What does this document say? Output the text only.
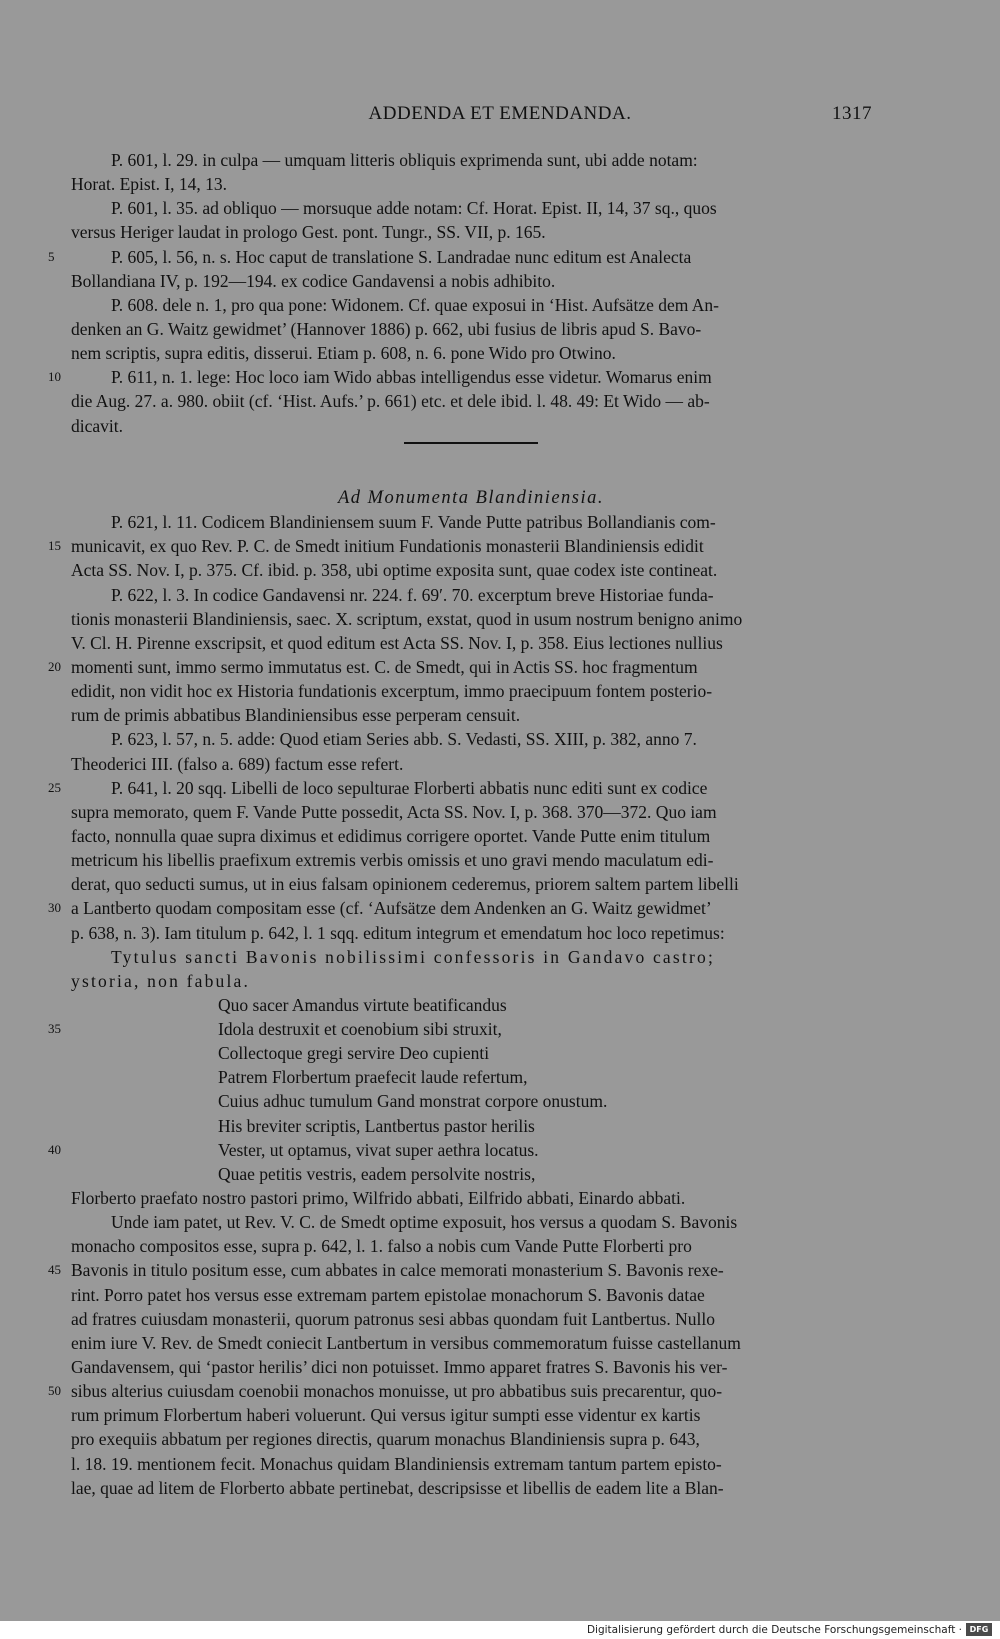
ADDENDA ET EMENDANDA.	1317
P. 601, l. 29. in culpa — umquam litteris obliquis exprimenda sunt, ubi adde notam:
Horat. Epist. I, 14, 13.
P. 601, l. 35. ad obliquo — morsuque adde notam: Cf. Horat. Epist. II, 14, 37 sq., quos
versus Heriger laudat in prologo Gest. pont. Tungr., SS. VII, p. 165.
5	P. 605, l. 56, n. s. Hoc caput de translatione S. Landradae nunc editum est Analecta
Bollandiana IV, p. 192—194. ex codice Gandavensi a nobis adhibito.
P. 608. dele n. 1, pro qua pone: Widonem. Cf. quae exposui in ‘Hist. Aufsätze dem An-
denken an G. Waitz gewidmet’ (Hannover 1886) p. 662, ubi fusius de libris apud S. Bavo-
nem scriptis, supra editis, disserui. Etiam p. 608, n. 6. pone Wido pro Otwino.
10	P. 611, n. 1. lege: Hoc loco iam Wido abbas intelligendus esse videtur. Womarus enim
die Aug. 27. a. 980. obiit (cf. ‘Hist. Aufs.’ p. 661) etc. et dele ibid. l. 48. 49: Et Wido — ab-
dicavit.
Ad Monumenta Blandiniensia.
P. 621, l. 11. Codicem Blandiniensem suum F. Vande Putte patribus Bollandianis com-
15 municavit, ex quo Rev. P. C. de Smedt initium Fundationis monasterii Blandiniensis edidit
Acta SS. Nov. I, p. 375. Cf. ibid. p. 358, ubi optime exposita sunt, quae codex iste contineat.
P. 622, l. 3. In codice Gandavensi nr. 224. f. 69′. 70. excerptum breve Historiae funda-
tionis monasterii Blandiniensis, saec. X. scriptum, exstat, quod in usum nostrum benigno animo
V. Cl. H. Pirenne exscripsit, et quod editum est Acta SS. Nov. I, p. 358. Eius lectiones nullius
20 momenti sunt, immo sermo immutatus est. C. de Smedt, qui in Actis SS. hoc fragmentum
edidit, non vidit hoc ex Historia fundationis excerptum, immo praecipuum fontem posterio-
rum de primis abbatibus Blandiniensibus esse perperam censuit.
P. 623, l. 57, n. 5. adde: Quod etiam Series abb. S. Vedasti, SS. XIII, p. 382, anno 7.
Theoderici III. (falso a. 689) factum esse refert.
25	P. 641, l. 20 sqq. Libelli de loco sepulturae Florberti abbatis nunc editi sunt ex codice
supra memorato, quem F. Vande Putte possedit, Acta SS. Nov. I, p. 368. 370—372. Quo iam
facto, nonnulla quae supra diximus et edidimus corrigere oportet. Vande Putte enim titulum
metricum his libellis praefixum extremis verbis omissis et uno gravi mendo maculatum edi-
derat, quo seducti sumus, ut in eius falsam opinionem cederemus, priorem saltem partem libelli
30 a Lantberto quodam compositam esse (cf. ‘Aufsätze dem Andenken an G. Waitz gewidmet’
p. 638, n. 3). Iam titulum p. 642, l. 1 sqq. editum integrum et emendatum hoc loco repetimus:
Tytulus sancti Bavonis nobilissimi confessoris in Gandavo castro;
ystoria, non fabula.
Quo sacer Amandus virtute beatificandus
35	Idola destruxit et coenobium sibi struxit,
Collectoque gregi servire Deo cupienti
Patrem Florbertum praefecit laude refertum,
Cuius adhuc tumulum Gand monstrat corpore onustum.
His breviter scriptis, Lantbertus pastor herilis
40	Vester, ut optamus, vivat super aethra locatus.
Quae petitis vestris, eadem persolvite nostris,
Florberto praefato nostro pastori primo, Wilfrido abbati, Eilfrido abbati, Einardo abbati.
Unde iam patet, ut Rev. V. C. de Smedt optime exposuit, hos versus a quodam S. Bavonis
monacho compositos esse, supra p. 642, l. 1. falso a nobis cum Vande Putte Florberti pro
45 Bavonis in titulo positum esse, cum abbates in calce memorati monasterium S. Bavonis rexe-
rint. Porro patet hos versus esse extremam partem epistolae monachorum S. Bavonis datae
ad fratres cuiusdam monasterii, quorum patronus sesi abbas quondam fuit Lantbertus. Nullo
enim iure V. Rev. de Smedt coniecit Lantbertum in versibus commemoratum fuisse castellanum
Gandavensem, qui ‘pastor herilis’ dici non potuisset. Immo apparet fratres S. Bavonis his ver-
50 sibus alterius cuiusdam coenobii monachos monuisse, ut pro abbatibus suis precarentur, quo-
rum primum Florbertum haberi voluerunt. Qui versus igitur sumpti esse videntur ex kartis
pro exequiis abbatum per regiones directis, quarum monachus Blandiniensis supra p. 643,
l. 18. 19. mentionem fecit. Monachus quidam Blandiniensis extremam tantum partem episto-
lae, quae ad litem de Florberto abbate pertinebat, descripsisse et libellis de eadem lite a Blan-
Digitalisierung gefördert durch die Deutsche Forschungsgemeinschaft · DFG
